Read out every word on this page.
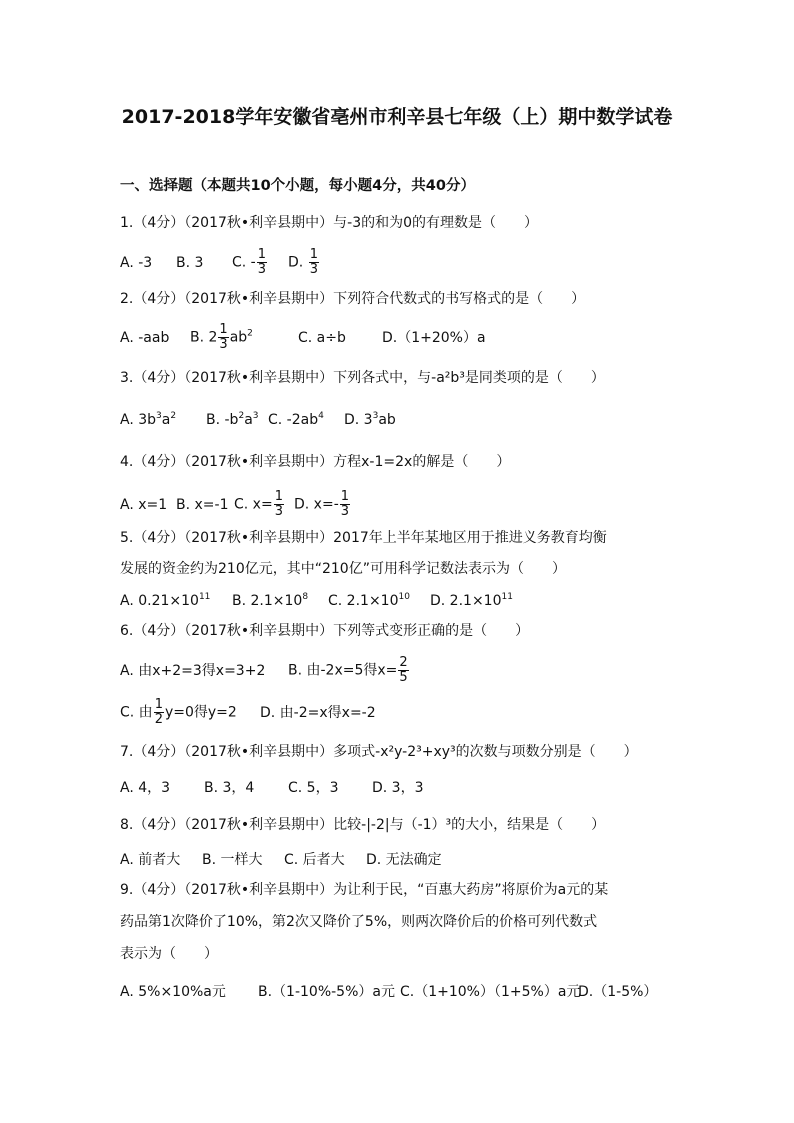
2017-2018学年安徽省亳州市利辛县七年级（上）期中数学试卷
一、选择题（本题共10个小题，每小题4分，共40分）
1.（4分）（2017秋•利辛县期中）与-3的和为0的有理数是（　　）
A. -3 B. 3 C. - $\frac{1}{3} D$. $\frac{1}{3}$
2.（4分）（2017秋•利辛县期中）下列符合代数式的书写格式的是（　　）
A. -aab B. $2 \frac{1}{3} ab^2$	C. a÷b	D.（1+20%）a
3.（4分）（2017秋•利辛县期中）下列各式中，与-a²b³是同类项的是（　　）
A. $3b^3a^2$ B. $-b^2a^3$ C. $-2ab^4$ D. $3^3ab$
4.（4分）（2017秋•利辛县期中）方程x-1=2x的解是（　　）
A. x=1 B. x=-1 C. $x= \frac{1}{3} D$. $x=- \frac{1}{3}$
5.（4分）（2017秋•利辛县期中）2017年上半年某地区用于推进义务教育均衡
发展的资金约为210亿元，其中“210亿”可用科学记数法表示为（　　）
A. $0.21\times 10^{11}$ B. $2.1\times 10^8$ C. $2.1\times 10^{10}$ D. $2.1\times 10^{11}$
6.（4分）（2017秋•利辛县期中）下列等式变形正确的是（　　）
A. 由x+2=3得x=3+2 B. 由-2x=5得$x= \frac{2}{5}$
C. 由 $\frac{1}{2} y=0$得y=2 D. 由-2=x得x=-2
7.（4分）（2017秋•利辛县期中）多项式-x²y-2³+xy³的次数与项数分别是（　　）
A. 4，3 B. 3，4 C. 5，3 D. 3，3
8.（4分）（2017秋•利辛县期中）比较-|-2|与（-1）³的大小，结果是（　　）
A. 前者大 B. 一样大 C. 后者大 D. 无法确定
9.（4分）（2017秋•利辛县期中）为让利于民，“百惠大药房”将原价为a元的某
药品第1次降价了10%，第2次又降价了5%，则两次降价后的价格可列代数式
表示为（　　）
A. 5%×10%a元 B.（1-10%-5%）a元 C.（1+10%）（1+5%）a元D.（1-5%）
